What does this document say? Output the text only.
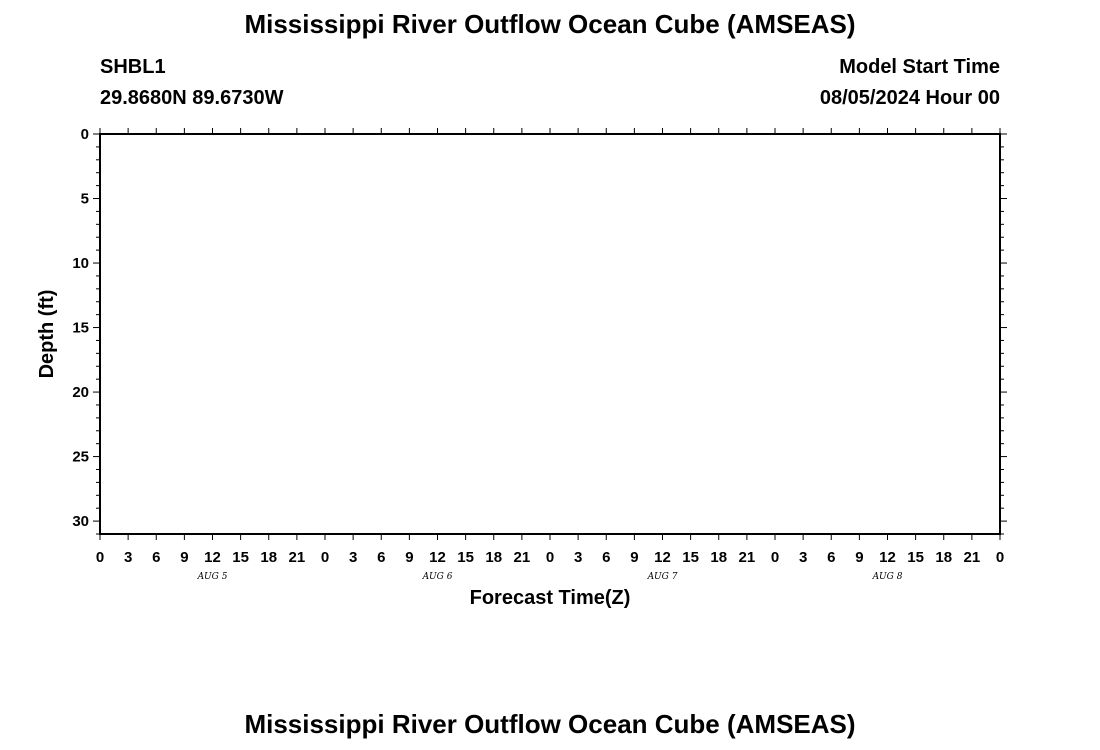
Mississippi River Outflow Ocean Cube (AMSEAS)
SHBL1
29.8680N 89.6730W
Model Start Time
08/05/2024 Hour 00
Mississippi River Outflow Ocean Cube (AMSEAS)
0
5
10
15
20
25
30
0 3 6 9 12 15 18 21 0 3 6 9 12 15 18 21 0 3 6 9 12 15 18 21 0 3 6 9 12 15 18 21 0
AUG 5	AUG 6	AUG 7	AUG 8
Depth (ft)
Forecast Time(Z)
